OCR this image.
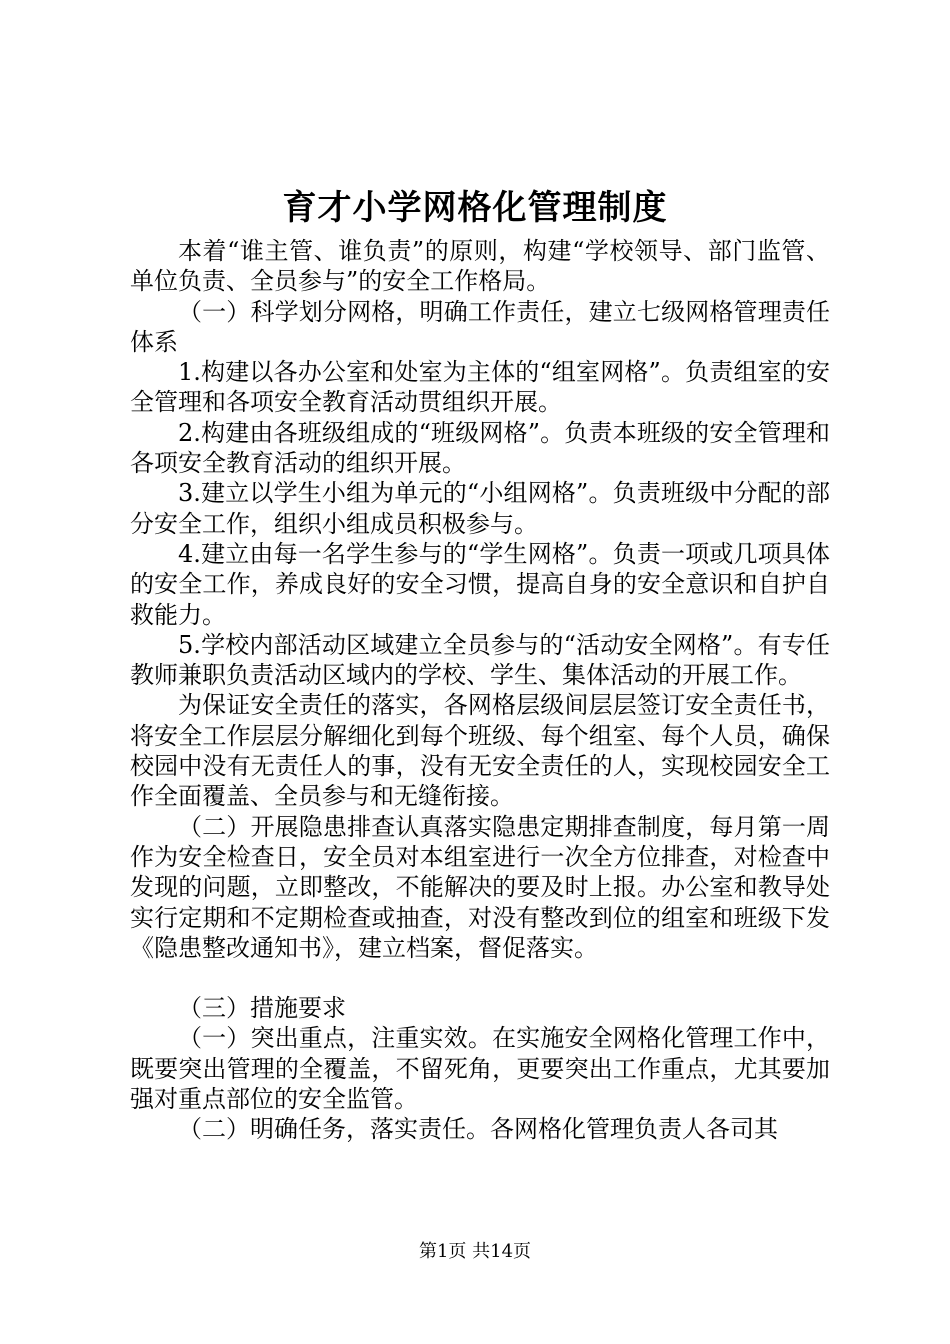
育才小学网格化管理制度

本着“谁主管、谁负责”的原则，构建“学校领导、部门监管、单位负责、全员参与”的安全工作格局。

（一）科学划分网格，明确工作责任，建立七级网格管理责任体系

1.构建以各办公室和处室为主体的“组室网格”。负责组室的安全管理和各项安全教育活动贯组织开展。

2.构建由各班级组成的“班级网格”。负责本班级的安全管理和各项安全教育活动的组织开展。

3.建立以学生小组为单元的“小组网格”。负责班级中分配的部分安全工作，组织小组成员积极参与。

4.建立由每一名学生参与的“学生网格”。负责一项或几项具体的安全工作，养成良好的安全习惯，提高自身的安全意识和自护自救能力。

5.学校内部活动区域建立全员参与的“活动安全网格”。有专任教师兼职负责活动区域内的学校、学生、集体活动的开展工作。

为保证安全责任的落实，各网格层级间层层签订安全责任书，将安全工作层层分解细化到每个班级、每个组室、每个人员，确保校园中没有无责任人的事，没有无安全责任的人，实现校园安全工作全面覆盖、全员参与和无缝衔接。

（二）开展隐患排查认真落实隐患定期排查制度，每月第一周作为安全检查日，安全员对本组室进行一次全方位排查，对检查中发现的问题，立即整改，不能解决的要及时上报。办公室和教导处实行定期和不定期检查或抽查，对没有整改到位的组室和班级下发《隐患整改通知书》，建立档案，督促落实。

（三）措施要求

（一）突出重点，注重实效。在实施安全网格化管理工作中，既要突出管理的全覆盖，不留死角，更要突出工作重点，尤其要加强对重点部位的安全监管。

（二）明确任务，落实责任。各网格化管理负责人各司其

第1页 共14页
